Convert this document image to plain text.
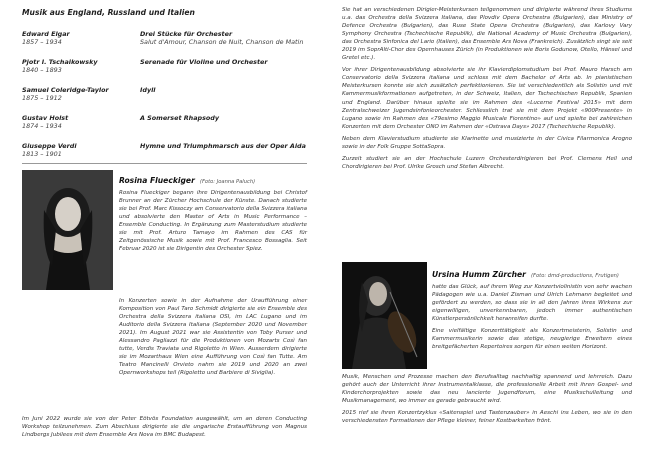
Musik aus England, Russland und Italien
Edward Elgar
1857 – 1934
Drei Stücke für Orchester
Salut d'Amour, Chanson de Nuit, Chanson de Matin
Pjotr I. Tschaikowsky
1840 – 1893
Serenade für Violine und Orchester
Samuel Coleridge-Taylor
1875 – 1912
Idyll
Gustav Holst
1874 – 1934
A Somerset Rhapsody
Giuseppe Verdi
1813 – 1901
Hymne und Triumphmarsch aus der Oper Aida
Rosina Flueckiger (Foto: Joanna Paluch)

Rosina Flueckiger begann ihre Dirigentenausbildung bei Christof Brunner an der Zürcher Hochschule der Künste. Danach studierte sie bei Prof. Marc Kissoczy am Conservatorio della Svizzera italiana und absolvierte den Master of Arts in Music Performance – Ensemble Conducting. In Ergänzung zum Masterstudium studierte sie mit Prof. Arturo Tamayo im Rahmen des CAS für Zeitgenössische Musik sowie mit Prof. Francesco Bossaglia. Seit Februar 2020 ist sie Dirigentin des Orchester Spiez.

In Konzerten sowie in der Aufnahme der Uraufführung einer Komposition von Paul Taro Schmidt dirigierte sie ein Ensemble des Orchestra della Svizzera italiana OSI, im LAC Lugano und im Auditorio della Svizzera Italiana (September 2020 und November 2021). Im August 2021 war sie Assistentin von Toby Purser und Alessandro Pagliazzi für die Produktionen von Mozarts Così fan tutte, Verdis Traviata und Rigoletto in Wien. Ausserdem dirigierte sie im Mozarthaus Wien eine Aufführung von Così fan Tutte. Am Teatro Mancinelli Orvieto nahm sie 2019 und 2020 an zwei Opernworkshops teil (Rigoletto und Barbiere di Siviglia).

Im Juni 2022 wurde sie von der Peter Eötvös Foundation ausgewählt, um an deren Conducting Workshop teilzunehmen. Zum Abschluss dirigierte sie die ungarische Erstaufführung von Magnus Lindbergs Jubilees mit dem Ensemble Ars Nova im BMC Budapest.

Sie hat an verschiedenen Dirigier-Meisterkursen teilgenommen und dirigierte während ihres Studiums u.a. das Orchestra della Svizzera Italiana, das Plovdiv Opera Orchestra (Bulgarien), das Ministry of Defence Orchestra (Bulgarien), das Ruse State Opera Orchestra (Bulgarien), das Karlovy Vary Symphony Orchestra (Tschechische Republik), die National Academy of Music Orchestra (Bulgarien), das Orchestra Sinfonica del Lario (Italien), das Ensemble Ars Nova (Frankreich). Zusätzlich singt sie seit 2019 im SoprAlti-Chor des Opernhauses Zürich (in Produktionen wie Boris Godunow, Otello, Hänsel und Gretel etc.).

Vor ihrer Dirigentenausbildung absolvierte sie ihr Klavierdiplomstudium bei Prof. Mauro Harsch am Conservatorio della Svizzera italiana und schloss mit dem Bachelor of Arts ab. In pianistischen Meisterkursen konnte sie sich zusätzlich perfektionieren. Sie ist verschiedentlich als Solistin und mit Kammermusikformationen aufgetreten, in der Schweiz, Italien, der Tschechischen Republik, Spanien und England. Darüber hinaus spielte sie im Rahmen des «Lucerne Festival 2015» mit dem Zentralschweizer Jugendsinfonieorchester. Schliesslich trat sie mit dem Projekt «900Presente» in Lugano sowie im Rahmen des «79esimo Maggio Musicale Fiorentino» auf und spielte bei zahlreichen Konzerten mit dem Orchester ONO im Rahmen der «Ostrava Days» 2017 (Tschechische Republik).

Neben dem Klavierstudium studierte sie Klarinette und musizierte in der Civica Filarmonica Arogno sowie in der Folk Gruppe SottaSopra.

Zurzeit studiert sie an der Hochschule Luzern Orchesterdirigieren bei Prof. Clemens Heil und Chordirigieren bei Prof. Ulrike Grosch und Stefan Albrecht.

Ursina Humm Zürcher (Foto: dmd-productions, Frutigen)

hatte das Glück, auf ihrem Weg zur Konzertviolinistin von sehr wachen Pädagogen wie u.a. Daniel Zisman und Ulrich Lehmann begleitet und gefördert zu werden, so dass sie in all den Jahren ihres Wirkens zur eigenwilligen, unverkennbaren, jedoch immer authentischen Künstlerpersönlichkeit heranreifen durfte.

Eine vielfältige Konzerttätigkeit als Konzertmeisterin, Solistin und Kammermusikerin sowie das stetige, neugierige Erweitern eines breitgefächerten Repertoires sorgen für einen weiten Horizont.

Musik, Menschen und Prozesse machen den Berufsalltag nachhaltig spannend und lehrreich. Dazu gehört auch der Unterricht ihrer Instrumentalklasse, die professionelle Arbeit mit ihren Gospel- und Kinderchorprojekten sowie das neu lancierte Jugendforum, eine Musikschulleitung und Musikmanagement, wo immer es gerade gebraucht wird.

2015 rief sie ihren Konzertzyklus «Saitenspiel und Tastenzauber» in Aeschi ins Leben, wo sie in den verschiedensten Formationen der Pflege kleiner, feiner Kostbarkeiten frönt.
